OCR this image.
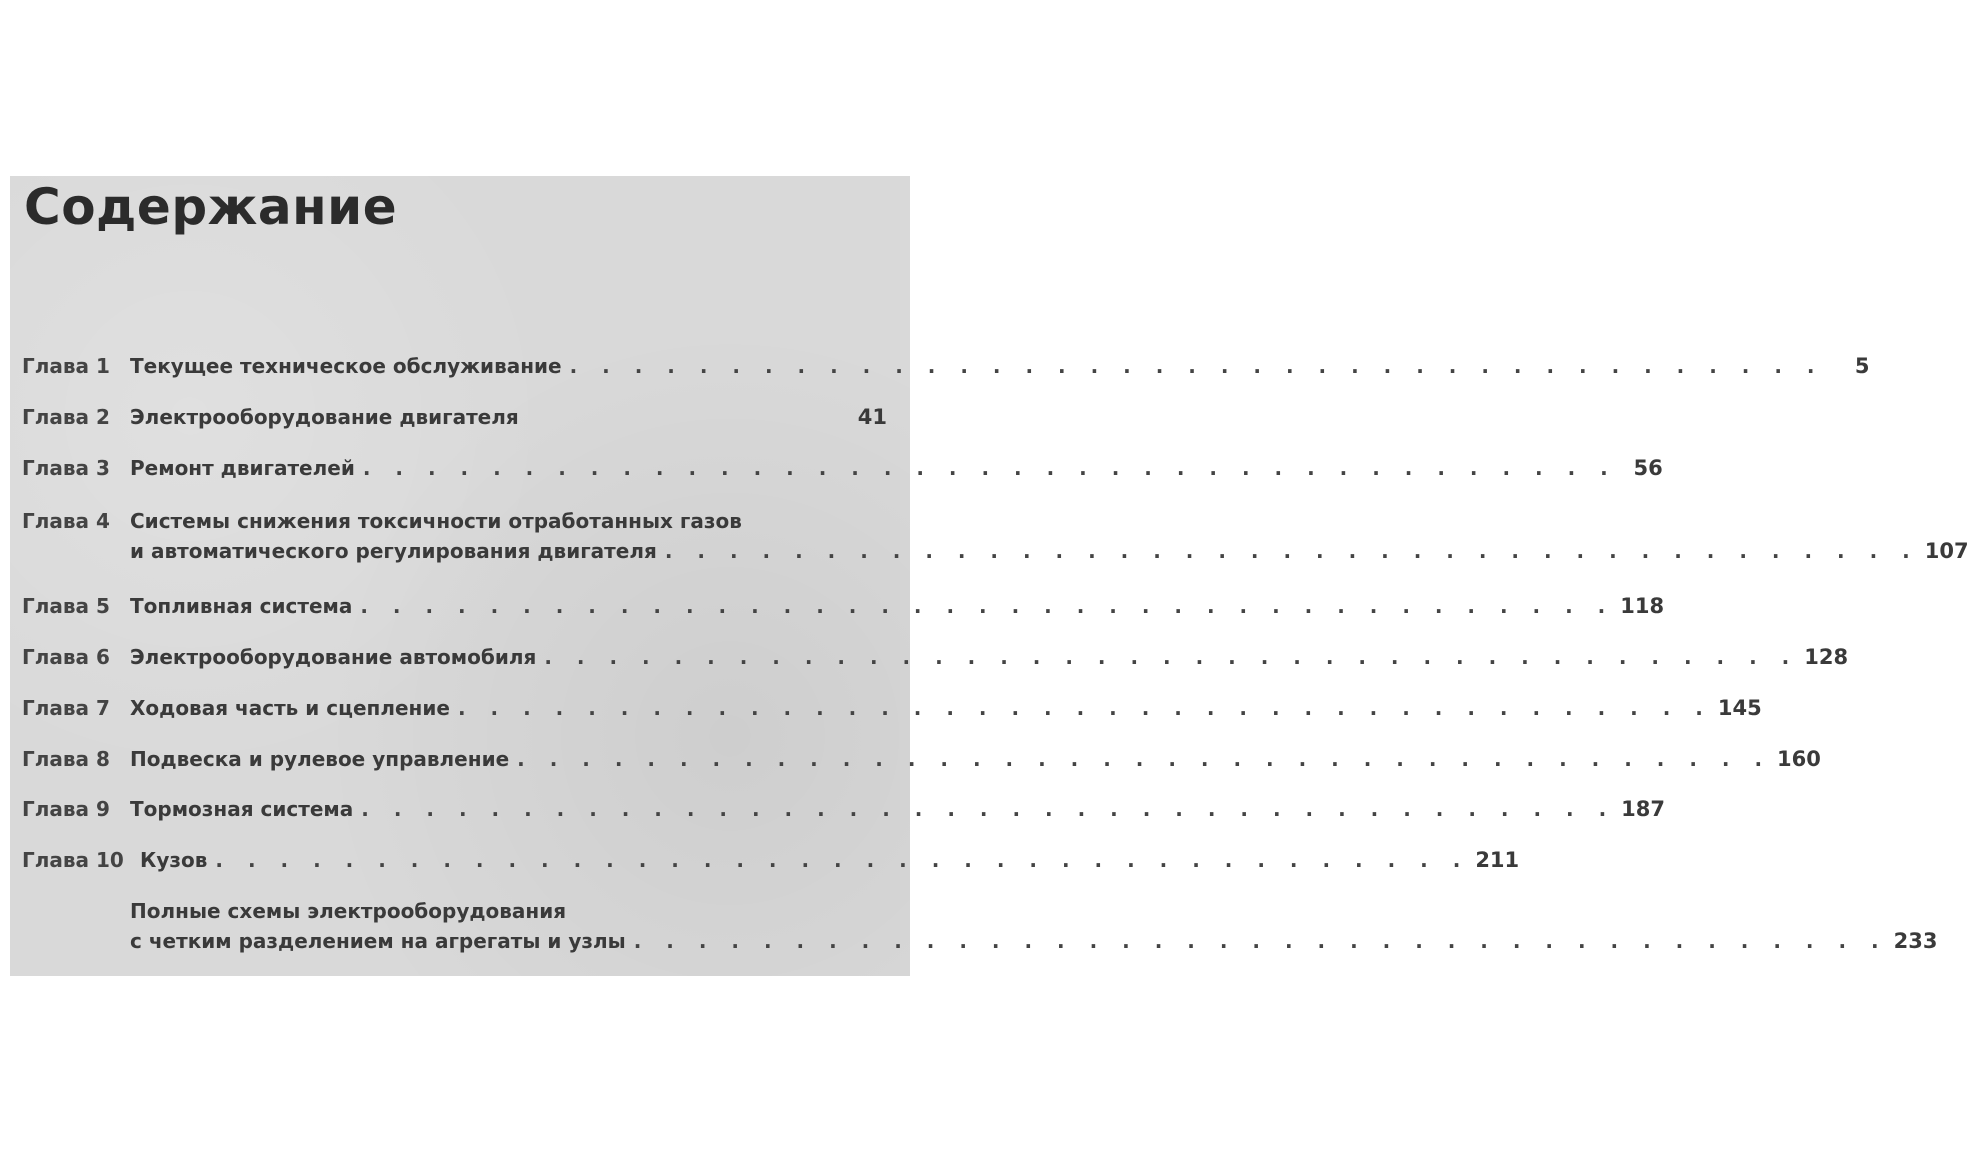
Содержание
Глава 1	Текущее техническое обслуживание . . . . . . . . . . . . . . . . . . . . . . . . . . . . . . . . . . . . . . .	5
Глава 2	Электрооборудование двигателя	41
Глава 3	Ремонт двигателей . . . . . . . . . . . . . . . . . . . . . . . . . . . . . . . . . . . . . . . 56
Глава 4	Системы снижения токсичности отработанных газов
и автоматического регулирования двигателя . . . . . . . . . . . . . . . . . . . . . . . . . . . . . . . . . . . . . . . 107
Глава 5	Топливная система . . . . . . . . . . . . . . . . . . . . . . . . . . . . . . . . . . . . . . . 118
Глава 6	Электрооборудование автомобиля . . . . . . . . . . . . . . . . . . . . . . . . . . . . . . . . . . . . . . . 128
Глава 7	Ходовая часть и сцепление . . . . . . . . . . . . . . . . . . . . . . . . . . . . . . . . . . . . . . . 145
Глава 8	Подвеска и рулевое управление . . . . . . . . . . . . . . . . . . . . . . . . . . . . . . . . . . . . . . . 160
Глава 9	Тормозная система . . . . . . . . . . . . . . . . . . . . . . . . . . . . . . . . . . . . . . . 187
Глава 10 Кузов . . . . . . . . . . . . . . . . . . . . . . . . . . . . . . . . . . . . . . . 211
Полные схемы электрооборудования
с четким разделением на агрегаты и узлы . . . . . . . . . . . . . . . . . . . . . . . . . . . . . . . . . . . . . . . 233
